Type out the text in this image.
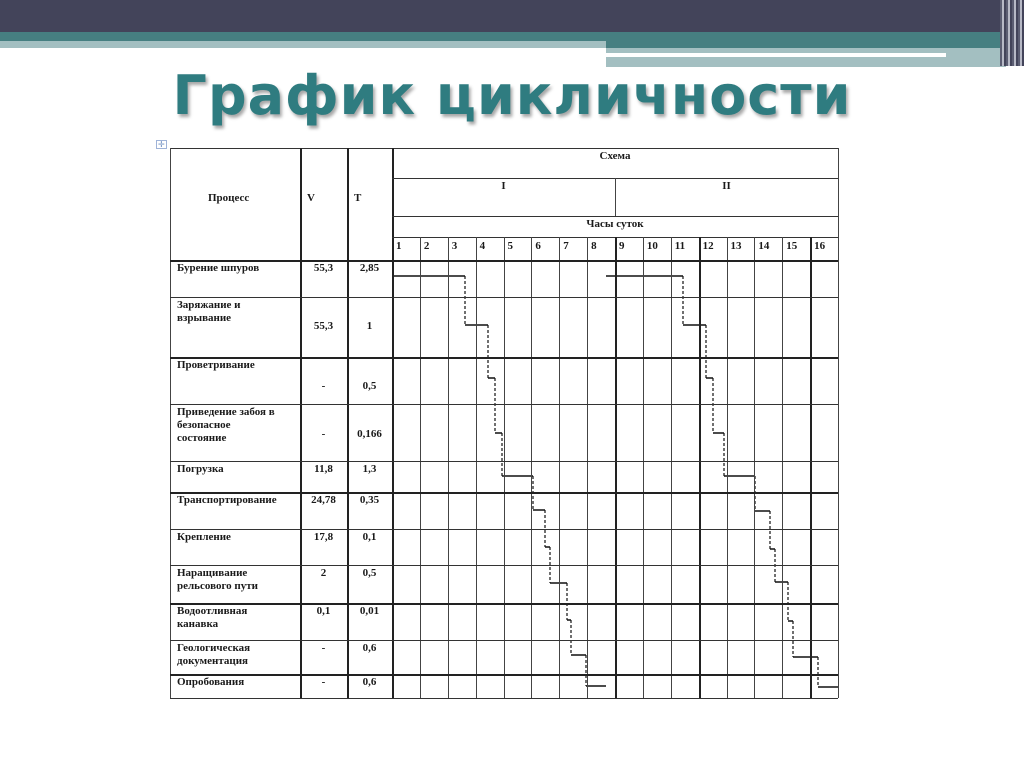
График цикличности
✛
Процесс	V	T
Схема
I	II
Часы суток
1 2 3 4 5 6 7 8 9 10 11 12 13 14 15 16
Бурение шпуров	55,3	2,85
Заряжание и
взрывание
55,3	1
Проветривание
-	0,5
Приведение забоя в
безопасное
состояние	-	0,166
Погрузка	11,8	1,3
Транспортирование	24,78	0,35
Крепление	17,8	0,1
Наращивание
рельсового пути
2	0,5
Водоотливная
канавка
0,1	0,01
Геологическая
документация
-	0,6
Опробования	-	0,6
